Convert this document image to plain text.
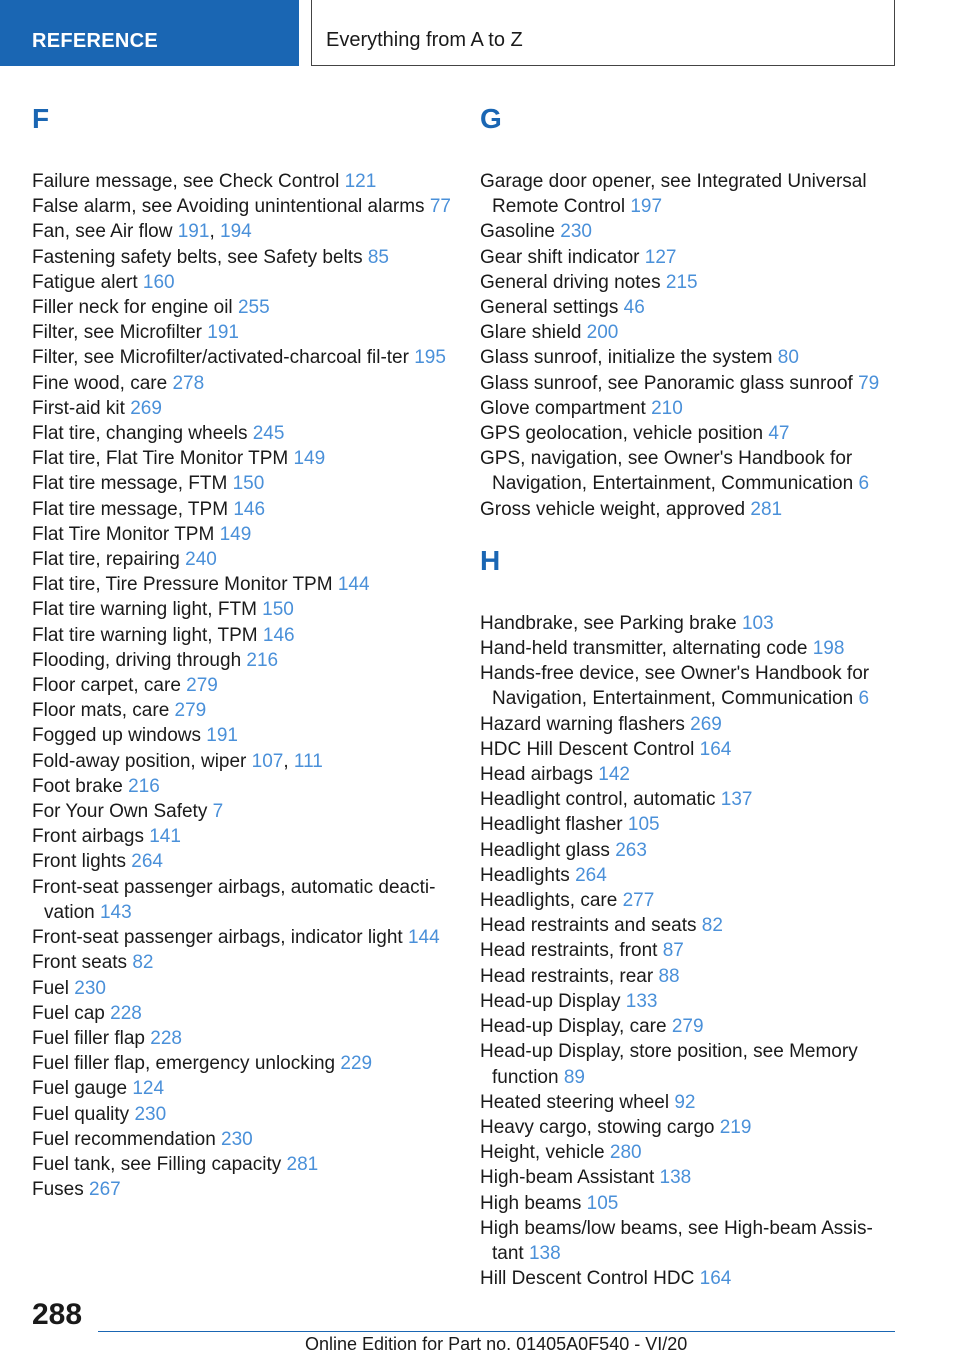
REFERENCE	Everything from A to Z
F
Failure message, see Check Control 121
False alarm, see Avoiding unintentional alarms 77
Fan, see Air flow 191, 194
Fastening safety belts, see Safety belts 85
Fatigue alert 160
Filler neck for engine oil 255
Filter, see Microfilter 191
Filter, see Microfilter/activated-charcoal fil‐ter 195
Fine wood, care 278
First-aid kit 269
Flat tire, changing wheels 245
Flat tire, Flat Tire Monitor TPM 149
Flat tire message, FTM 150
Flat tire message, TPM 146
Flat Tire Monitor TPM 149
Flat tire, repairing 240
Flat tire, Tire Pressure Monitor TPM 144
Flat tire warning light, FTM 150
Flat tire warning light, TPM 146
Flooding, driving through 216
Floor carpet, care 279
Floor mats, care 279
Fogged up windows 191
Fold-away position, wiper 107, 111
Foot brake 216
For Your Own Safety 7
Front airbags 141
Front lights 264
Front-seat passenger airbags, automatic deacti‐vation 143
Front-seat passenger airbags, indicator light 144
Front seats 82
Fuel 230
Fuel cap 228
Fuel filler flap 228
Fuel filler flap, emergency unlocking 229
Fuel gauge 124
Fuel quality 230
Fuel recommendation 230
Fuel tank, see Filling capacity 281
Fuses 267
G
Garage door opener, see Integrated Universal Remote Control 197
Gasoline 230
Gear shift indicator 127
General driving notes 215
General settings 46
Glare shield 200
Glass sunroof, initialize the system 80
Glass sunroof, see Panoramic glass sunroof 79
Glove compartment 210
GPS geolocation, vehicle position 47
GPS, navigation, see Owner's Handbook for Navigation, Entertainment, Communication 6
Gross vehicle weight, approved 281
H
Handbrake, see Parking brake 103
Hand-held transmitter, alternating code 198
Hands-free device, see Owner's Handbook for Navigation, Entertainment, Communication 6
Hazard warning flashers 269
HDC Hill Descent Control 164
Head airbags 142
Headlight control, automatic 137
Headlight flasher 105
Headlight glass 263
Headlights 264
Headlights, care 277
Head restraints and seats 82
Head restraints, front 87
Head restraints, rear 88
Head-up Display 133
Head-up Display, care 279
Head-up Display, store position, see Memory function 89
Heated steering wheel 92
Heavy cargo, stowing cargo 219
Height, vehicle 280
High-beam Assistant 138
High beams 105
High beams/low beams, see High-beam Assis‐tant 138
Hill Descent Control HDC 164
288
Online Edition for Part no. 01405A0F540 - VI/20
